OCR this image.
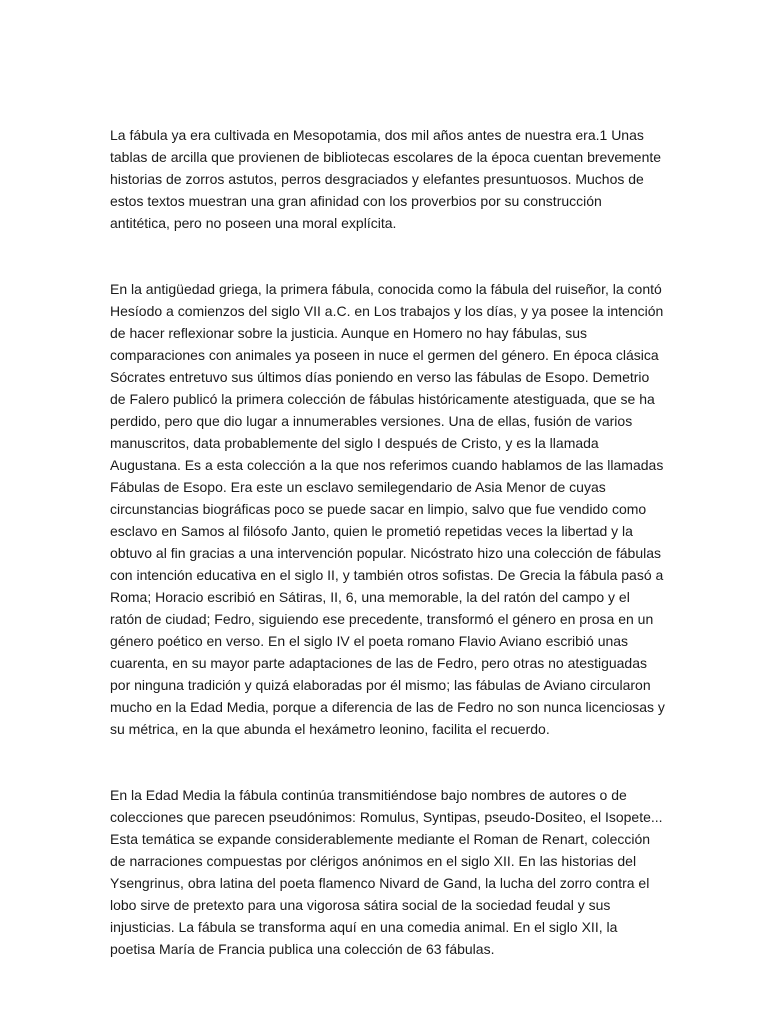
La fábula ya era cultivada en Mesopotamia, dos mil años antes de nuestra era.1 Unas tablas de arcilla que provienen de bibliotecas escolares de la época cuentan brevemente historias de zorros astutos, perros desgraciados y elefantes presuntuosos. Muchos de estos textos muestran una gran afinidad con los proverbios por su construcción antitética, pero no poseen una moral explícita.

En la antigüedad griega, la primera fábula, conocida como la fábula del ruiseñor, la contó Hesíodo a comienzos del siglo VII a.C. en Los trabajos y los días, y ya posee la intención de hacer reflexionar sobre la justicia. Aunque en Homero no hay fábulas, sus comparaciones con animales ya poseen in nuce el germen del género. En época clásica Sócrates entretuvo sus últimos días poniendo en verso las fábulas de Esopo. Demetrio de Falero publicó la primera colección de fábulas históricamente atestiguada, que se ha perdido, pero que dio lugar a innumerables versiones. Una de ellas, fusión de varios manuscritos, data probablemente del siglo I después de Cristo, y es la llamada Augustana. Es a esta colección a la que nos referimos cuando hablamos de las llamadas Fábulas de Esopo. Era este un esclavo semilegendario de Asia Menor de cuyas circunstancias biográficas poco se puede sacar en limpio, salvo que fue vendido como esclavo en Samos al filósofo Janto, quien le prometió repetidas veces la libertad y la obtuvo al fin gracias a una intervención popular. Nicóstrato hizo una colección de fábulas con intención educativa en el siglo II, y también otros sofistas. De Grecia la fábula pasó a Roma; Horacio escribió en Sátiras, II, 6, una memorable, la del ratón del campo y el ratón de ciudad; Fedro, siguiendo ese precedente, transformó el género en prosa en un género poético en verso. En el siglo IV el poeta romano Flavio Aviano escribió unas cuarenta, en su mayor parte adaptaciones de las de Fedro, pero otras no atestiguadas por ninguna tradición y quizá elaboradas por él mismo; las fábulas de Aviano circularon mucho en la Edad Media, porque a diferencia de las de Fedro no son nunca licenciosas y su métrica, en la que abunda el hexámetro leonino, facilita el recuerdo.

En la Edad Media la fábula continúa transmitiéndose bajo nombres de autores o de colecciones que parecen pseudónimos: Romulus, Syntipas, pseudo-Dositeo, el Isopete... Esta temática se expande considerablemente mediante el Roman de Renart, colección de narraciones compuestas por clérigos anónimos en el siglo XII. En las historias del Ysengrinus, obra latina del poeta flamenco Nivard de Gand, la lucha del zorro contra el lobo sirve de pretexto para una vigorosa sátira social de la sociedad feudal y sus injusticias. La fábula se transforma aquí en una comedia animal. En el siglo XII, la poetisa María de Francia publica una colección de 63 fábulas.
